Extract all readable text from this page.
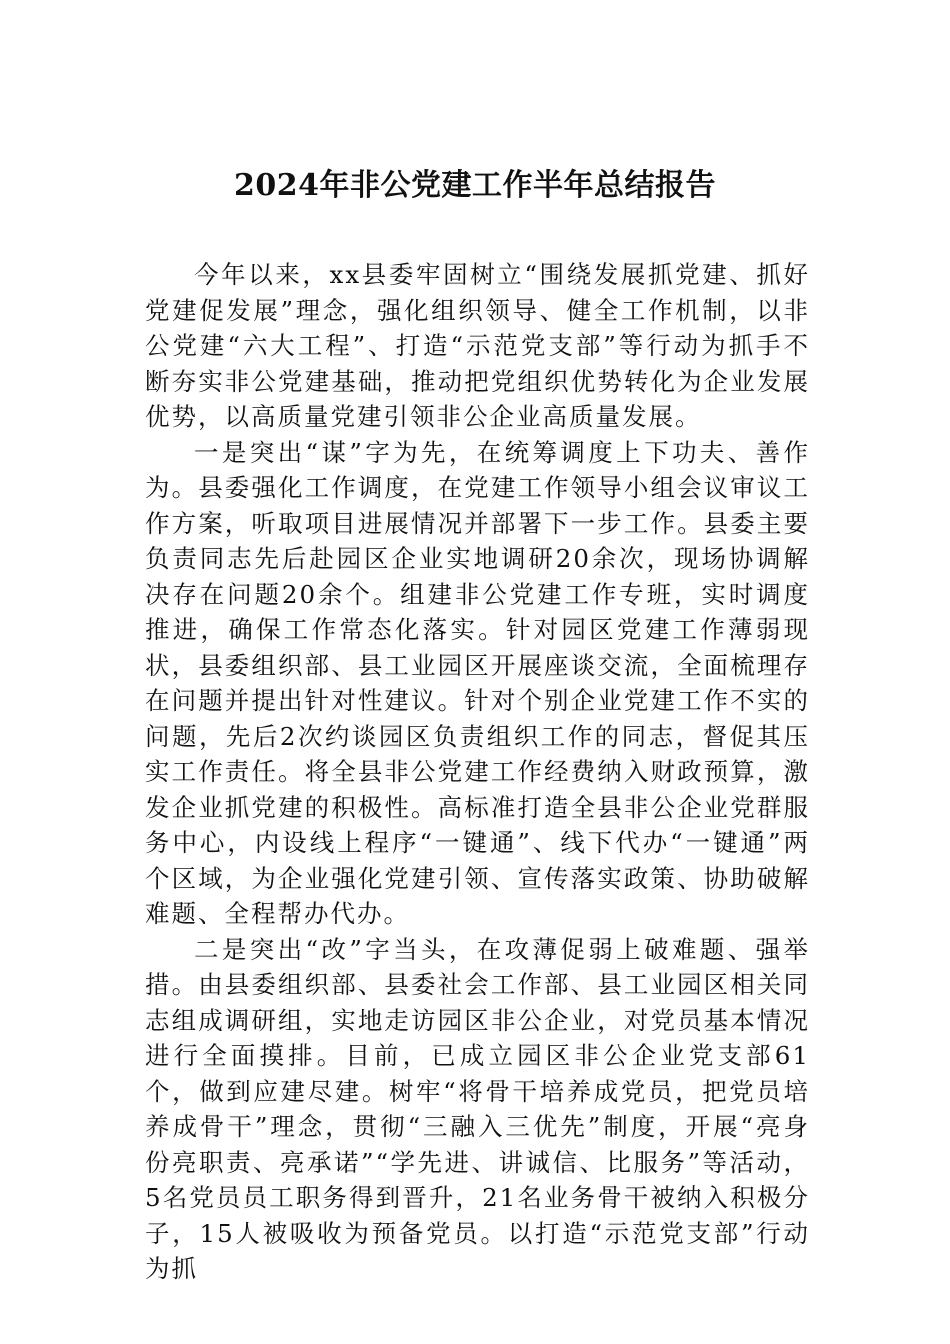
2024年非公党建工作半年总结报告

今年以来，xx县委牢固树立“围绕发展抓党建、抓好党建促发展”理念，强化组织领导、健全工作机制，以非公党建“六大工程”、打造“示范党支部”等行动为抓手不断夯实非公党建基础，推动把党组织优势转化为企业发展优势，以高质量党建引领非公企业高质量发展。

一是突出“谋”字为先，在统筹调度上下功夫、善作为。县委强化工作调度，在党建工作领导小组会议审议工作方案，听取项目进展情况并部署下一步工作。县委主要负责同志先后赴园区企业实地调研20余次，现场协调解决存在问题20余个。组建非公党建工作专班，实时调度推进，确保工作常态化落实。针对园区党建工作薄弱现状，县委组织部、县工业园区开展座谈交流，全面梳理存在问题并提出针对性建议。针对个别企业党建工作不实的问题，先后2次约谈园区负责组织工作的同志，督促其压实工作责任。将全县非公党建工作经费纳入财政预算，激发企业抓党建的积极性。高标准打造全县非公企业党群服务中心，内设线上程序“一键通”、线下代办“一键通”两个区域，为企业强化党建引领、宣传落实政策、协助破解难题、全程帮办代办。

二是突出“改”字当头，在攻薄促弱上破难题、强举措。由县委组织部、县委社会工作部、县工业园区相关同志组成调研组，实地走访园区非公企业，对党员基本情况进行全面摸排。目前，已成立园区非公企业党支部61个，做到应建尽建。树牢“将骨干培养成党员，把党员培养成骨干”理念，贯彻“三融入三优先”制度，开展“亮身份亮职责、亮承诺”“学先进、讲诚信、比服务”等活动，5名党员员工职务得到晋升，21名业务骨干被纳入积极分子，15人被吸收为预备党员。以打造“示范党支部”行动为抓
